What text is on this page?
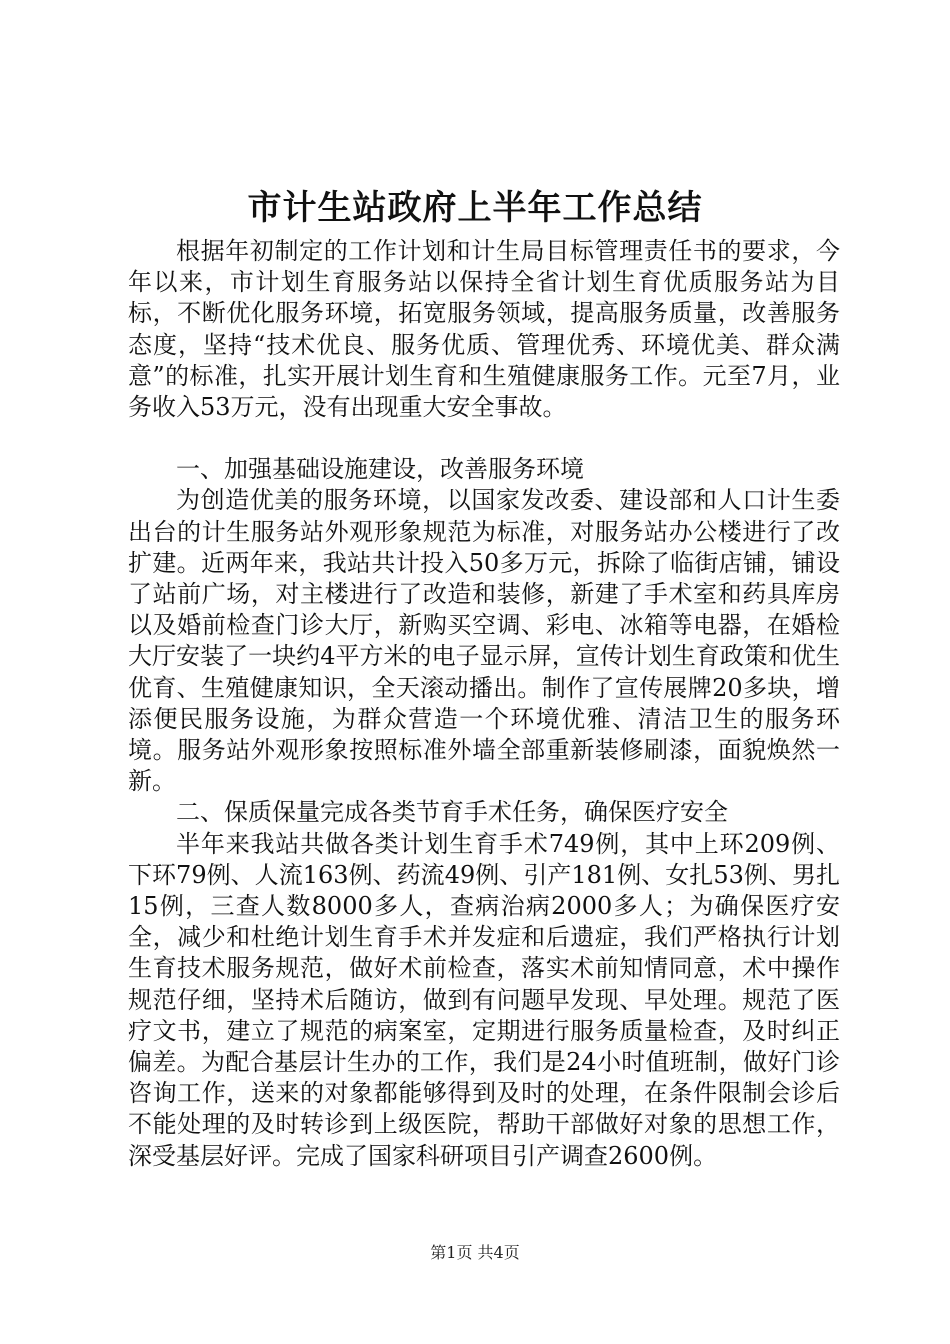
市计生站政府上半年工作总结

根据年初制定的工作计划和计生局目标管理责任书的要求，今年以来，市计划生育服务站以保持全省计划生育优质服务站为目标，不断优化服务环境，拓宽服务领域，提高服务质量，改善服务态度，坚持“技术优良、服务优质、管理优秀、环境优美、群众满意”的标准，扎实开展计划生育和生殖健康服务工作。元至7月，业务收入53万元，没有出现重大安全事故。

一、加强基础设施建设，改善服务环境

为创造优美的服务环境，以国家发改委、建设部和人口计生委出台的计生服务站外观形象规范为标准，对服务站办公楼进行了改扩建。近两年来，我站共计投入50多万元，拆除了临街店铺，铺设了站前广场，对主楼进行了改造和装修，新建了手术室和药具库房以及婚前检查门诊大厅，新购买空调、彩电、冰箱等电器，在婚检大厅安装了一块约4平方米的电子显示屏，宣传计划生育政策和优生优育、生殖健康知识，全天滚动播出。制作了宣传展牌20多块，增添便民服务设施，为群众营造一个环境优雅、清洁卫生的服务环境。服务站外观形象按照标准外墙全部重新装修刷漆，面貌焕然一新。

二、保质保量完成各类节育手术任务，确保医疗安全

半年来我站共做各类计划生育手术749例，其中上环209例、下环79例、人流163例、药流49例、引产181例、女扎53例、男扎15例，三查人数8000多人，查病治病2000多人；为确保医疗安全，减少和杜绝计划生育手术并发症和后遗症，我们严格执行计划生育技术服务规范，做好术前检查，落实术前知情同意，术中操作规范仔细，坚持术后随访，做到有问题早发现、早处理。规范了医疗文书，建立了规范的病案室，定期进行服务质量检查，及时纠正偏差。为配合基层计生办的工作，我们是24小时值班制，做好门诊咨询工作，送来的对象都能够得到及时的处理，在条件限制会诊后不能处理的及时转诊到上级医院，帮助干部做好对象的思想工作，深受基层好评。完成了国家科研项目引产调查2600例。

第1页 共4页
